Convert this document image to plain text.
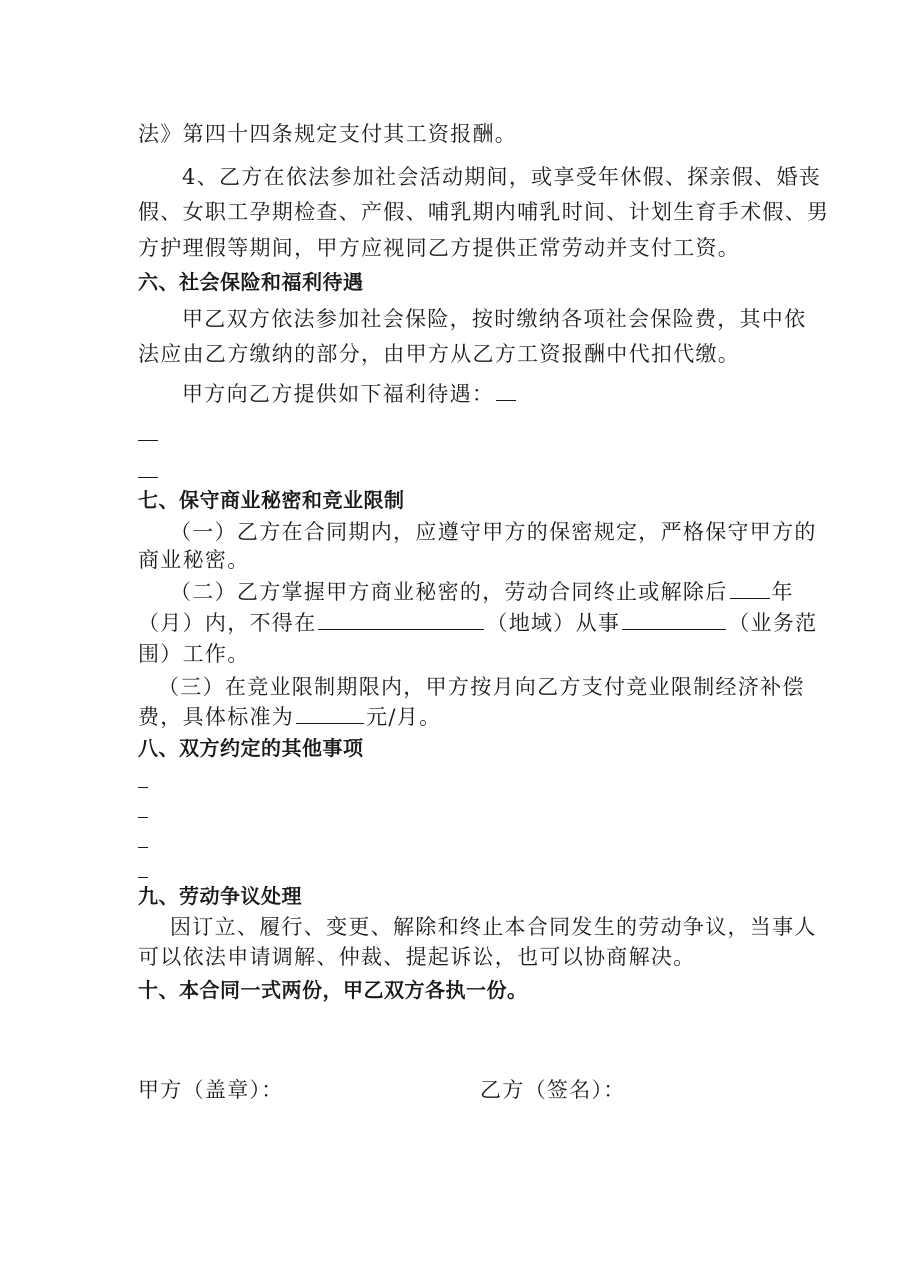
法》第四十四条规定支付其工资报酬。
4、乙方在依法参加社会活动期间，或享受年休假、探亲假、婚丧
假、女职工孕期检查、产假、哺乳期内哺乳时间、计划生育手术假、男
方护理假等期间，甲方应视同乙方提供正常劳动并支付工资。
六、社会保险和福利待遇
甲乙双方依法参加社会保险，按时缴纳各项社会保险费，其中依
法应由乙方缴纳的部分，由甲方从乙方工资报酬中代扣代缴。
甲方向乙方提供如下福利待遇：
七、保守商业秘密和竞业限制
（一）乙方在合同期内，应遵守甲方的保密规定，严格保守甲方的
商业秘密。
（二）乙方掌握甲方商业秘密的，劳动合同终止或解除后 年
（月）内，不得在	（地域）从事	（业务范
围）工作。
（三）在竞业限制期限内，甲方按月向乙方支付竞业限制经济补偿
费，具体标准为	元/月。
八、双方约定的其他事项
九、劳动争议处理
因订立、履行、变更、解除和终止本合同发生的劳动争议，当事人
可以依法申请调解、仲裁、提起诉讼，也可以协商解决。
十、本合同一式两份，甲乙双方各执一份。
甲方（盖章）：	乙方（签名）：
